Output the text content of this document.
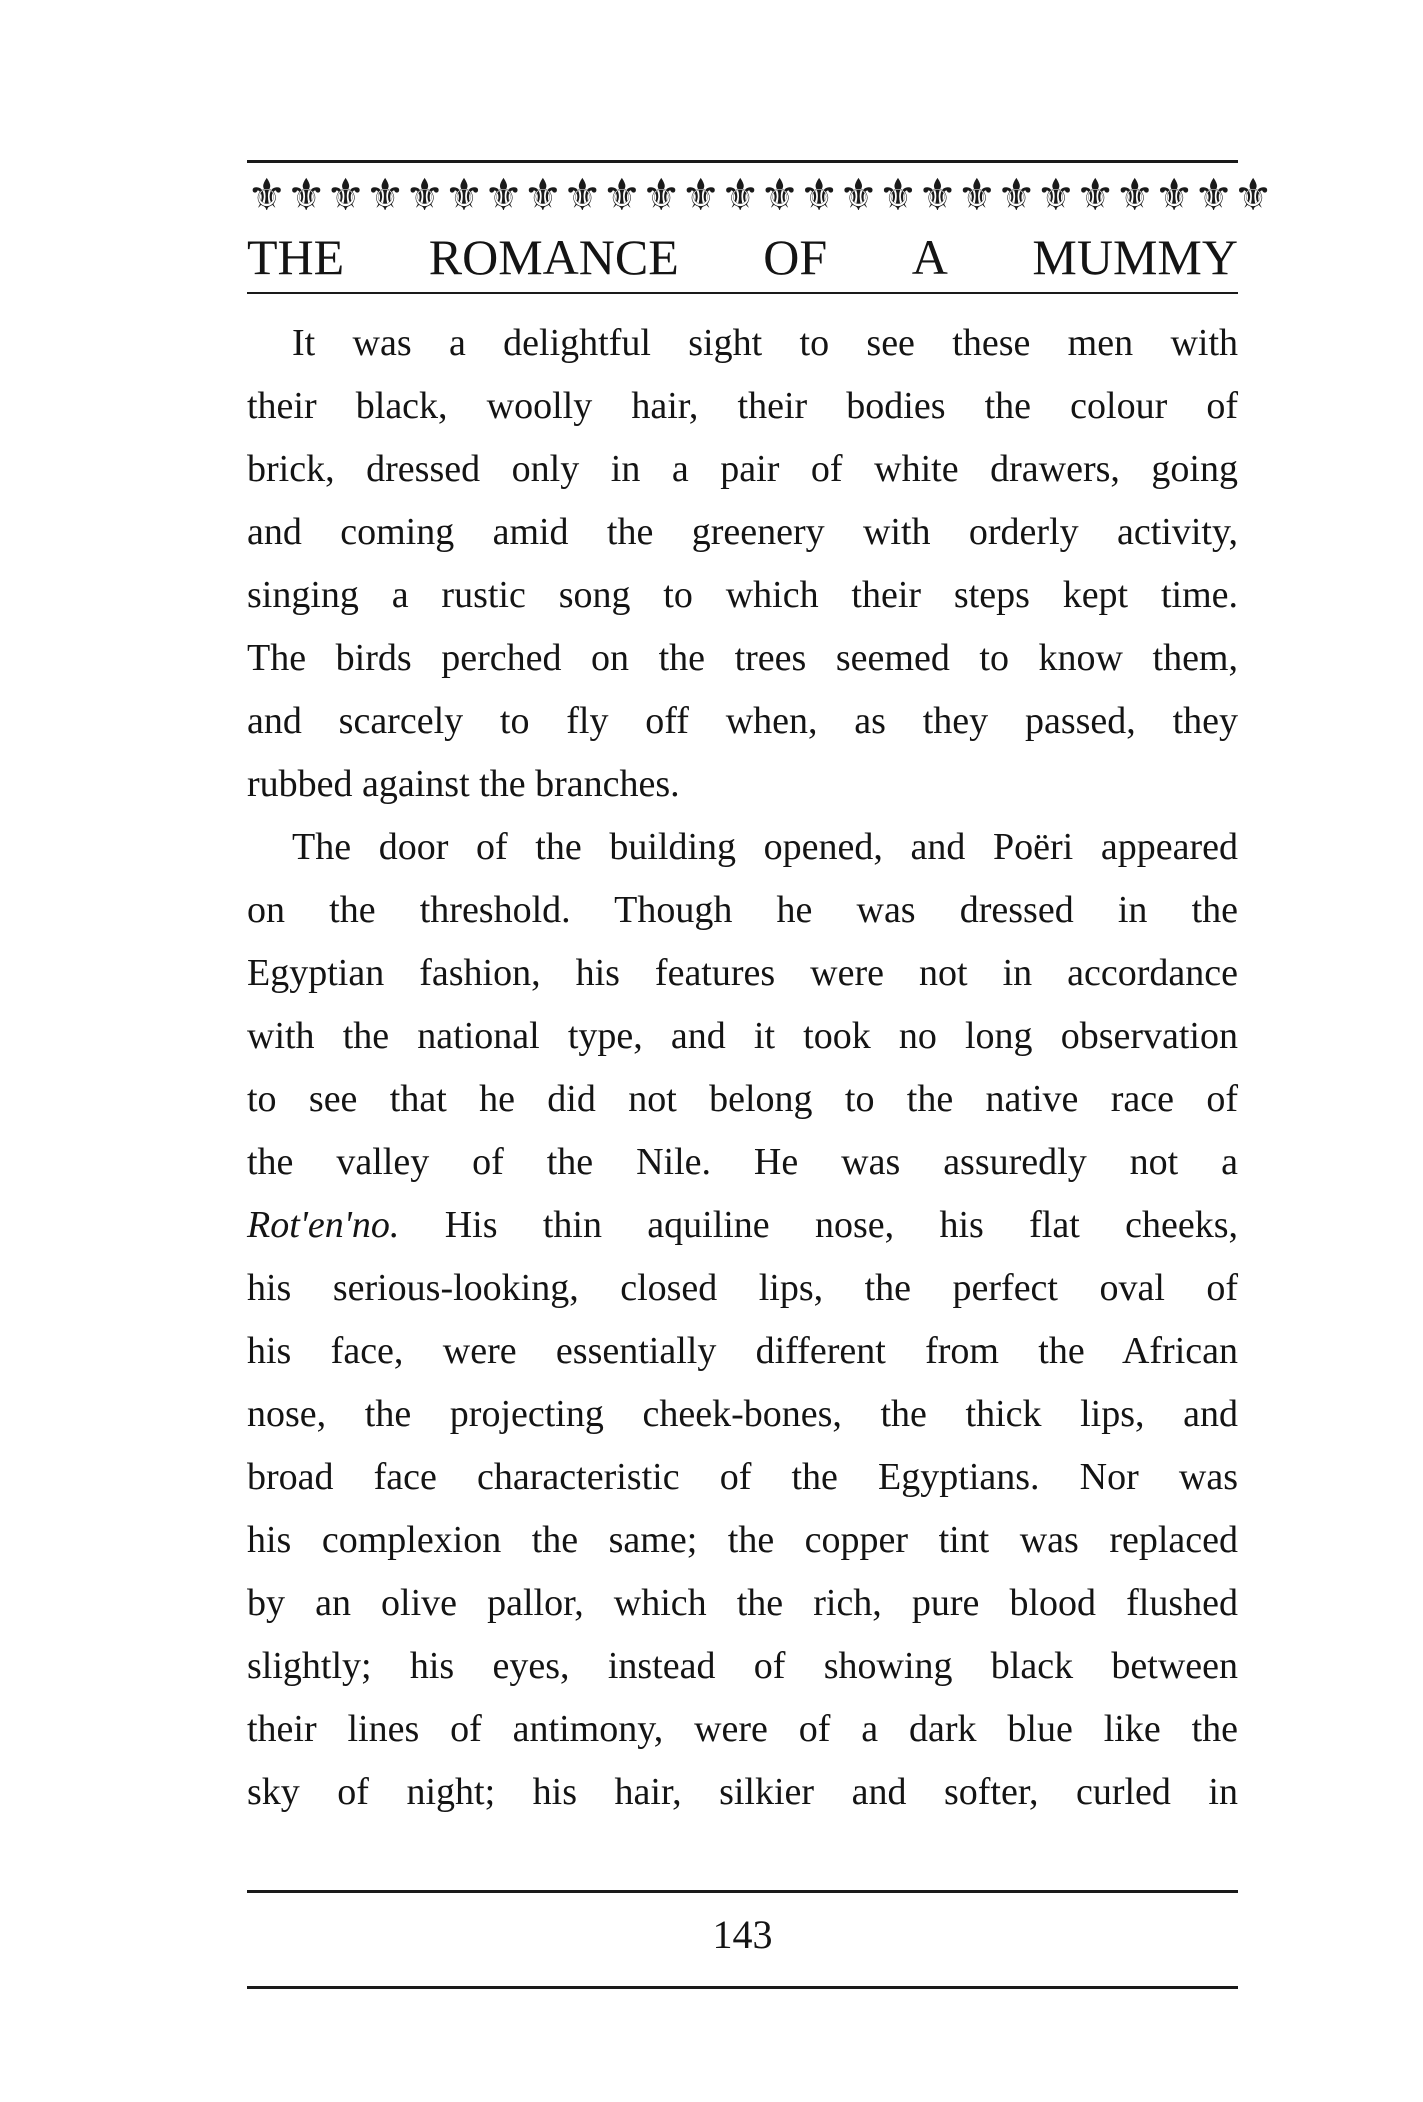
⚜ ⚜ ⚜ ⚜ ⚜ ⚜ ⚜ ⚜ ⚜ ⚜ ⚜ ⚜ ⚜ ⚜ ⚜ ⚜ ⚜ ⚜ ⚜ ⚜ ⚜ ⚜ ⚜ ⚜ ⚜ ⚜
THE ROMANCE OF A MUMMY
It was a delightful sight to see these men with
their black, woolly hair, their bodies the colour of
brick, dressed only in a pair of white drawers, going
and coming amid the greenery with orderly activity,
singing a rustic song to which their steps kept time.
The birds perched on the trees seemed to know them,
and scarcely to fly off when, as they passed, they
rubbed against the branches.
The door of the building opened, and Poëri appeared
on the threshold. Though he was dressed in the
Egyptian fashion, his features were not in accordance
with the national type, and it took no long observation
to see that he did not belong to the native race of
the valley of the Nile. He was assuredly not a
Rot'en'no. His thin aquiline nose, his flat cheeks,
his serious-looking, closed lips, the perfect oval of
his face, were essentially different from the African
nose, the projecting cheek-bones, the thick lips, and
broad face characteristic of the Egyptians. Nor was
his complexion the same; the copper tint was replaced
by an olive pallor, which the rich, pure blood flushed
slightly; his eyes, instead of showing black between
their lines of antimony, were of a dark blue like the
sky of night; his hair, silkier and softer, curled in
143
